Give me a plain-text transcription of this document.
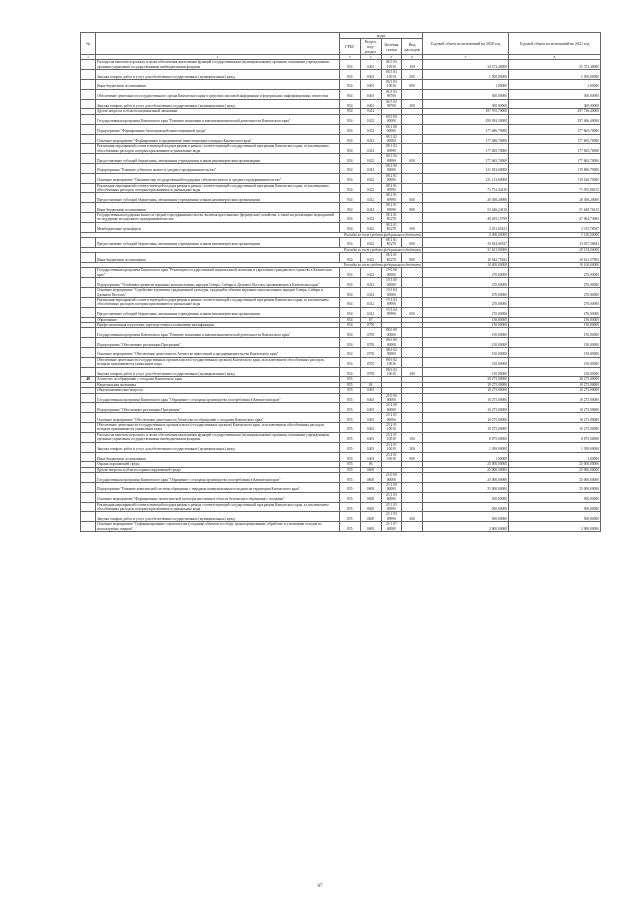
№		коды				Годовой объем ассигнований на 2020 год	Годовой объем ассигнований на 2021 год
		ГРБС	Раздел, под-раздел	Целевая статья	Вид расходов		
1	2	3	4	5	6	7	8
	Расходы на выплаты персоналу в целях обеспечения выполнения функций государственными (муниципальными) органами, казенными учреждениями, органами управления государственными внебюджетными фондами	854	0401	06 5 03 10010	100	34 372,40000	35 372,40000
	Закупка товаров, работ и услуг для обеспечения государственных (муниципальных) нужд	854	0401	06 5 03 10010	200	1 500,00000	1 500,00000
	Иные бюджетные ассигнования	854	0401	06 5 03 10010	800	1,00000	1,00000
	Обеспечение деятельности государственного органа Камчатского края в средствах массовой информации и федеральных информационных агентствах	854	0401	06 5 03 98700		300,00000	300,00000
	Закупка товаров, работ и услуг для обеспечения государственных (муниципальных) нужд	854	0401	06 5 03 98700	200	300,00000	300,00000
	Другие вопросы в области национальной экономики	854	0412			297 765,70000	297 736,40000
	Государственная программа Камчатского края "Развитие экономики и внешнеэкономической деятельности Камчатского края"	854	0412	08 0 00 00000		299 492,30000	297 466,40000
	Подпрограмма "Формирование благоприятной инвестиционной среды"	854	0412	08 1 00 00000		177 486,70000	177 665,70000
	Основное мероприятие "Формирование и продвижение инвестиционного имиджа Камчатского края"	854	0412	08 1 02 00000		177 486,70000	177 665,70000
	Реализация мероприятий соответствующей подпрограммы в рамках соответствующей государственной программы Камчатского края, за исключением обособленных расходов, которым присваиваются уникальные коды	854	0412	08 1 02 09990		177 465,70000	177 665,70000
	Предоставление субсидий бюджетным, автономным учреждениям и иным некоммерческим организациям	854	0412	08 1 02 09990	600	177 465,70000	177 665,70000
	Подпрограмма "Развитие субъектов малого и среднего предпринимательства"	854	0412	08 2 00 00000		121 823,60000	119 860,70000
	Основное мероприятие "Оказание мер государственной поддержки субъектам малого и среднего предпринимательства"	854	0412	08 2 01 00000		121 123,60000	119 160,70000
	Реализация мероприятий соответствующей подпрограммы в рамках соответствующей государственной программы Камчатского края, за исключением обособленных расходов, которым присваиваются уникальные коды	854	0412	08 2 01 09990		73 752,44210	71 955,86315
	Предоставление субсидий бюджетным, автономным учреждениям и иным некоммерческим организациям	854	0412	08 2 01 09990	600	20 306,20000	20 306,20000
	Иные бюджетные ассигнования	854	0412	08 2 01 09990	800	53 446,24210	51 649,76315
	Государственная поддержка малого и среднего предпринимательства, включая крестьянские (фермерские) хозяйства, а также на реализацию мероприятий по поддержке молодежного предпринимательства	854	0412	08 2 01 R5270		49 205,15790	47 004,73685
	Межбюджетные трансферты	854	0412	08 2 01 R5270	500	3 451,65421	3 315,78947
Расходы за счет средств федерального бюджета						3 090,00000	3 150,00000
	Предоставление субсидий бюджетным, автономным учреждениям и иным некоммерческим организациям	854	0412	08 2 01 R5270	600	35 634,60527	33 057,36843
Расходы за счет средств федерального бюджета						31 621,90000	29 154,50000
	Иные бюджетные ассигнования	854	0412	08 2 01 R5270	800	10 942,75842	10 631,57895
Расходы за счет средств федерального бюджета						10 400,00000	10 100,00000
	Государственная программа Камчатского края "Реализация государственной национальной политики и укрепление гражданского единства в Камчатском крае"	854	0412	19 0 00 00000		270,00000	270,00000
	Подпрограмма "Устойчивое развитие коренных малочисленных народов Севера, Сибири и Дальнего Востока, проживающих в Камчатском крае"	854	0412	19 3 00 00000		270,00000	270,00000
	Основное мероприятие "Содействие в развитии традиционной культуры, традиций и обычаев коренных малочисленных народов Севера, Сибири и Дальнего Востока"	854	0412	19 3 04 00000		270,00000	270,00000
	Реализация мероприятий соответствующей подпрограммы в рамках соответствующей государственной программы Камчатского края, за исключением обособленных расходов, которым присваиваются уникальные коды	854	0412	19 3 04 09990		270,00000	270,00000
	Предоставление субсидий бюджетным, автономным учреждениям и иным некоммерческим организациям	854	0412	19 3 04 09990	600	270,00000	270,00000
	Образование	854	07			150,00000	150,00000
	Профессиональная подготовка, переподготовка и повышение квалификации	854	0705			150,00000	150,00000
	Государственная программа Камчатского края "Развитие экономики и внешнеэкономической деятельности Камчатского края"	854	0705	08 0 00 00000		150,00000	150,00000
	Подпрограмма "Обеспечение реализации Программы"	854	0705	08 6 00 00000		150,00000	150,00000
	Основное мероприятие "Обеспечение деятельности Агентства инвестиций и предпринимательства Камчатского края"	854	0705	08 6 02 00000		150,00000	150,00000
	Обеспечение деятельности государственных органов власти (государственных органов) Камчатского края, за исключением обособленных расходов, которым присваиваются уникальные коды	854	0705	08 6 02 10010		150,00000	150,00000
	Закупка товаров, работ и услуг для обеспечения государственных (муниципальных) нужд	854	0705	08 6 02 10010	200	150,00000	150,00000
40	Агентство по обращению с отходами Камчатского края	855				38 275,00000	38 275,00000
	Национальная экономика	855	04			10 275,00000	10 275,00000
	Общеэкономические вопросы	855	0401			10 275,00000	10 275,00000
	Государственная программа Камчатского края "Обращение с отходами производства и потребления в Камчатском крае"	855	0401	23 0 00 00000		10 275,00000	10 275,00000
	Подпрограмма "Обеспечение реализации Программы"	855	0401	23 2 00 00000		10 275,00000	10 275,00000
	Основное мероприятие "Обеспечение деятельности Агентства по обращению с отходами Камчатского края"	855	0401	23 2 01 00000		10 275,00000	10 275,00000
	Обеспечение деятельности государственных органов власти (государственных органов) Камчатского края, за исключением обособленных расходов, которым присваиваются уникальные коды	855	0401	23 2 01 10010		10 275,00000	10 275,00000
	Расходы на выплаты персоналу в целях обеспечения выполнения функций государственными (муниципальными) органами, казенными учреждениями, органами управления государственными внебюджетными фондами	855	0401	23 2 01 10010	100	8 875,00000	8 875,00000
	Закупка товаров, работ и услуг для обеспечения государственных (муниципальных) нужд	855	0401	23 2 01 10010	200	1 399,00000	1 399,00000
	Иные бюджетные ассигнования	855	0401	23 2 01 10010	800	1,00000	1,00000
	Охрана окружающей среды	855	06			25 000,00000	25 000,00000
	Другие вопросы в области охраны окружающей среды	855	0605			25 000,00000	25 000,00000
	Государственная программа Камчатского края "Обращение с отходами производства и потребления в Камчатском крае"	855	0605	23 0 00 00000		25 000,00000	25 000,00000
	Подпрограмма "Развитие комплексной системы обращения с твердыми коммунальными отходами на территории Камчатского края"	855	0605	23 1 00 00000		25 000,00000	25 000,00000
	Основное мероприятие "Формирование экологической культуры населения в области безопасного обращения с отходами"	855	0605	23 1 03 00000		500,00000	500,00000
	Реализация мероприятий соответствующей подпрограммы в рамках соответствующей государственной программы Камчатского края, за исключением обособленных расходов, которым присваиваются уникальные коды	855	0605	23 1 03 09990		500,00000	500,00000
	Закупка товаров, работ и услуг для обеспечения государственных (муниципальных) нужд	855	0605	23 1 03 09990	200	500,00000	500,00000
	Основное мероприятие "Софинансирование строительства (создания) объектов по сбору, транспортированию, обработке и утилизации отходов из используемых товаров"	855	0605	23 1 07 00000		2 900,00000	2 900,00000
67
